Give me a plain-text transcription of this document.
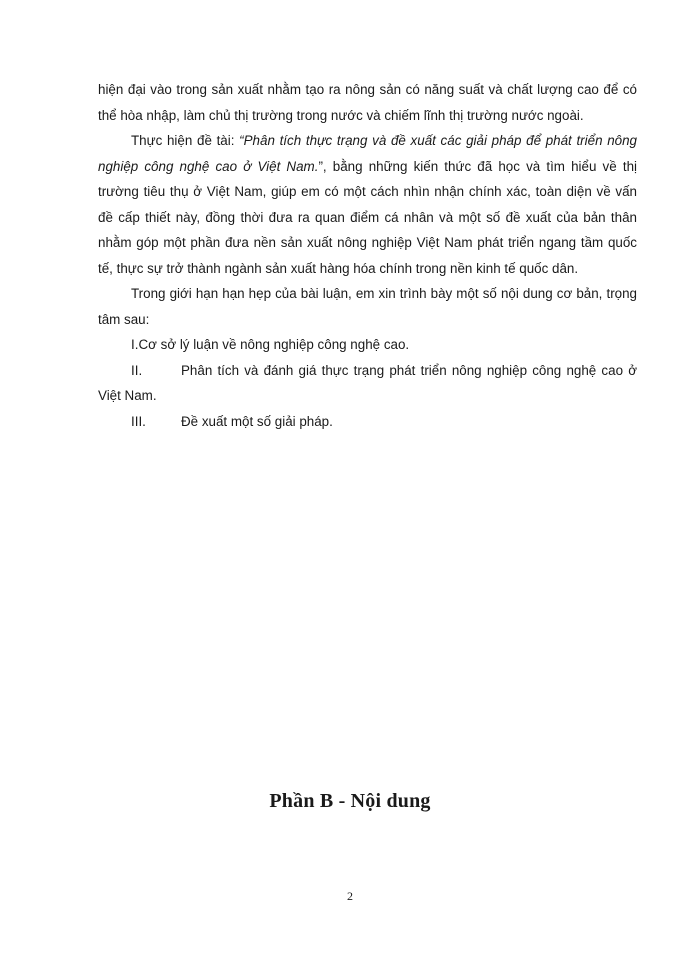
hiện đại vào trong sản xuất nhằm tạo ra nông sản có năng suất và chất lượng cao để có thể hòa nhập, làm chủ thị trường trong nước và chiếm lĩnh thị trường nước ngoài.

Thực hiện đề tài: “Phân tích thực trạng và đề xuất các giải pháp để phát triển nông nghiệp công nghệ cao ở Việt Nam.”, bằng những kiến thức đã học và tìm hiểu về thị trường tiêu thụ ở Việt Nam, giúp em có một cách nhìn nhận chính xác, toàn diện về vấn đề cấp thiết này, đồng thời đưa ra quan điểm cá nhân và một số đề xuất của bản thân nhằm góp một phần đưa nền sản xuất nông nghiệp Việt Nam phát triển ngang tầm quốc tế, thực sự trở thành ngành sản xuất hàng hóa chính trong nền kinh tế quốc dân.

Trong giới hạn hạn hẹp của bài luận, em xin trình bày một số nội dung cơ bản, trọng tâm sau:

I.Cơ sở lý luận về nông nghiệp công nghệ cao.

II.	Phân tích và đánh giá thực trạng phát triển nông nghiệp công nghệ cao ở Việt Nam.

III.	Đề xuất một số giải pháp.

Phần B - Nội dung
2
